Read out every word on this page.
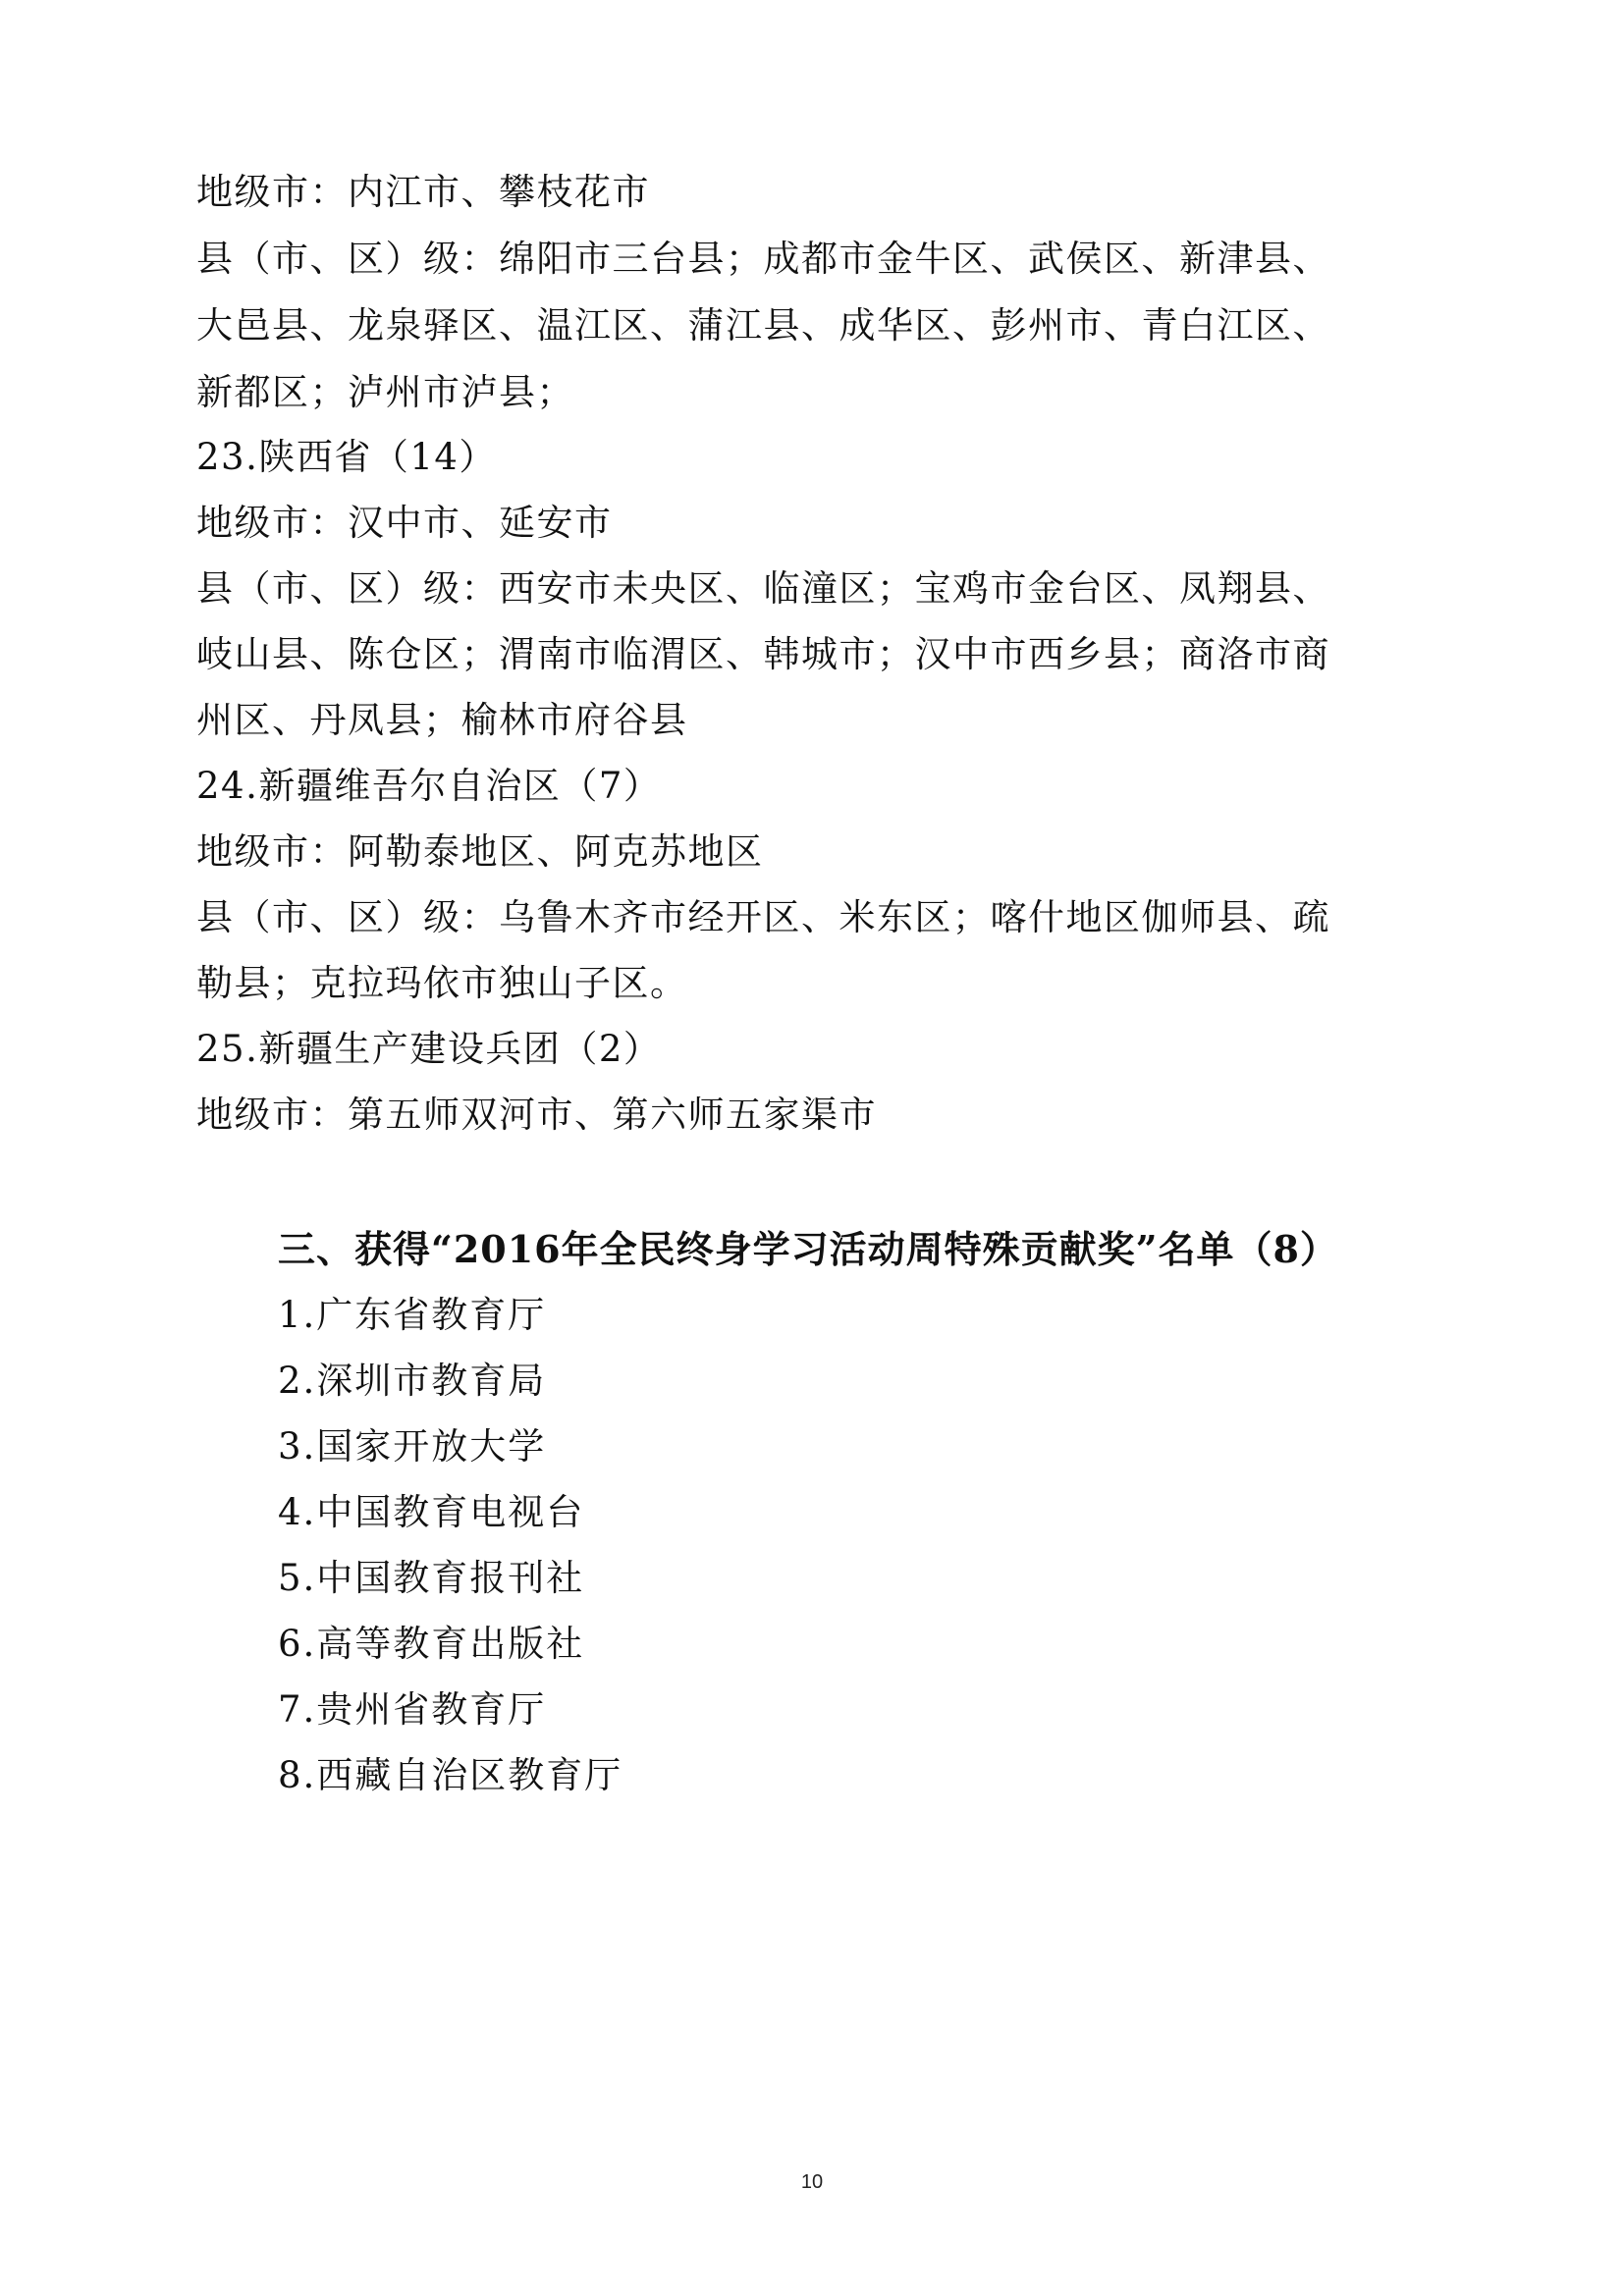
地级市：内江市、攀枝花市
县（市、区）级：绵阳市三台县；成都市金牛区、武侯区、新津县、
大邑县、龙泉驿区、温江区、蒲江县、成华区、彭州市、青白江区、
新都区；泸州市泸县；
23.陕西省（14）
地级市：汉中市、延安市
县（市、区）级：西安市未央区、临潼区；宝鸡市金台区、凤翔县、
岐山县、陈仓区；渭南市临渭区、韩城市；汉中市西乡县；商洛市商
州区、丹凤县；榆林市府谷县
24.新疆维吾尔自治区（7）
地级市：阿勒泰地区、阿克苏地区
县（市、区）级：乌鲁木齐市经开区、米东区；喀什地区伽师县、疏
勒县；克拉玛依市独山子区。
25.新疆生产建设兵团（2）
地级市：第五师双河市、第六师五家渠市
三、获得“2016年全民终身学习活动周特殊贡献奖”名单（8）
1.广东省教育厅
2.深圳市教育局
3.国家开放大学
4.中国教育电视台
5.中国教育报刊社
6.高等教育出版社
7.贵州省教育厅
8.西藏自治区教育厅
10
